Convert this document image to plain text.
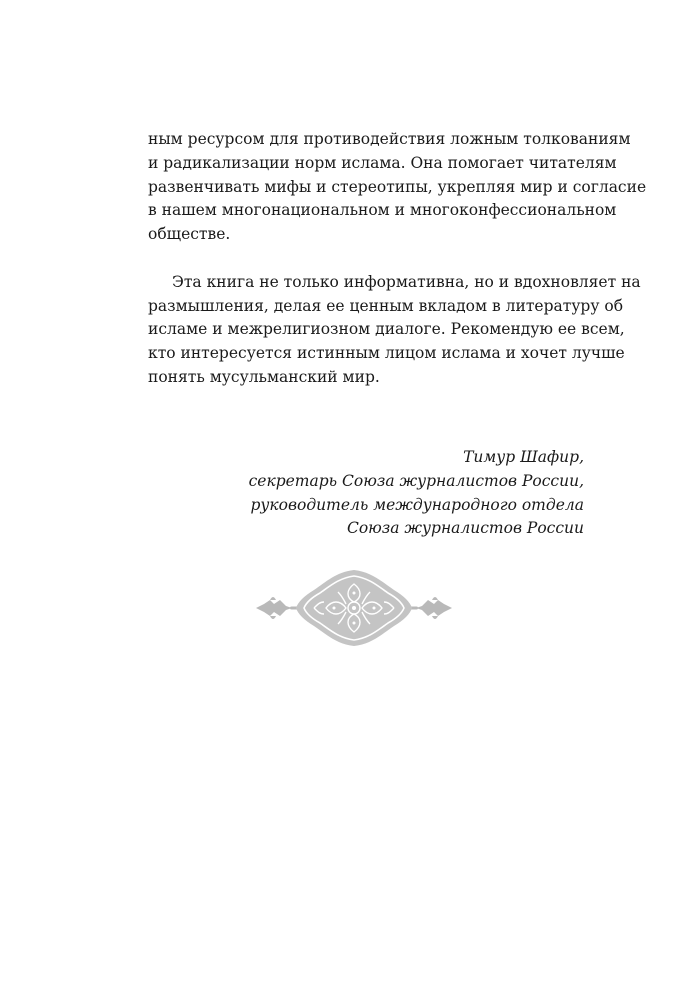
ным ресурсом для противодействия ложным толкованиям
и радикализации норм ислама. Она помогает читателям
развенчивать мифы и стереотипы, укрепляя мир и согласие
в нашем многонациональном и многоконфессиональном
обществе.
Эта книга не только информативна, но и вдохновляет на
размышления, делая ее ценным вкладом в литературу об
исламе и межрелигиозном диалоге. Рекомендую ее всем,
кто интересуется истинным лицом ислама и хочет лучше
понять мусульманский мир.
Тимур Шафир,
секретарь Союза журналистов России,
руководитель международного отдела
Союза журналистов России
